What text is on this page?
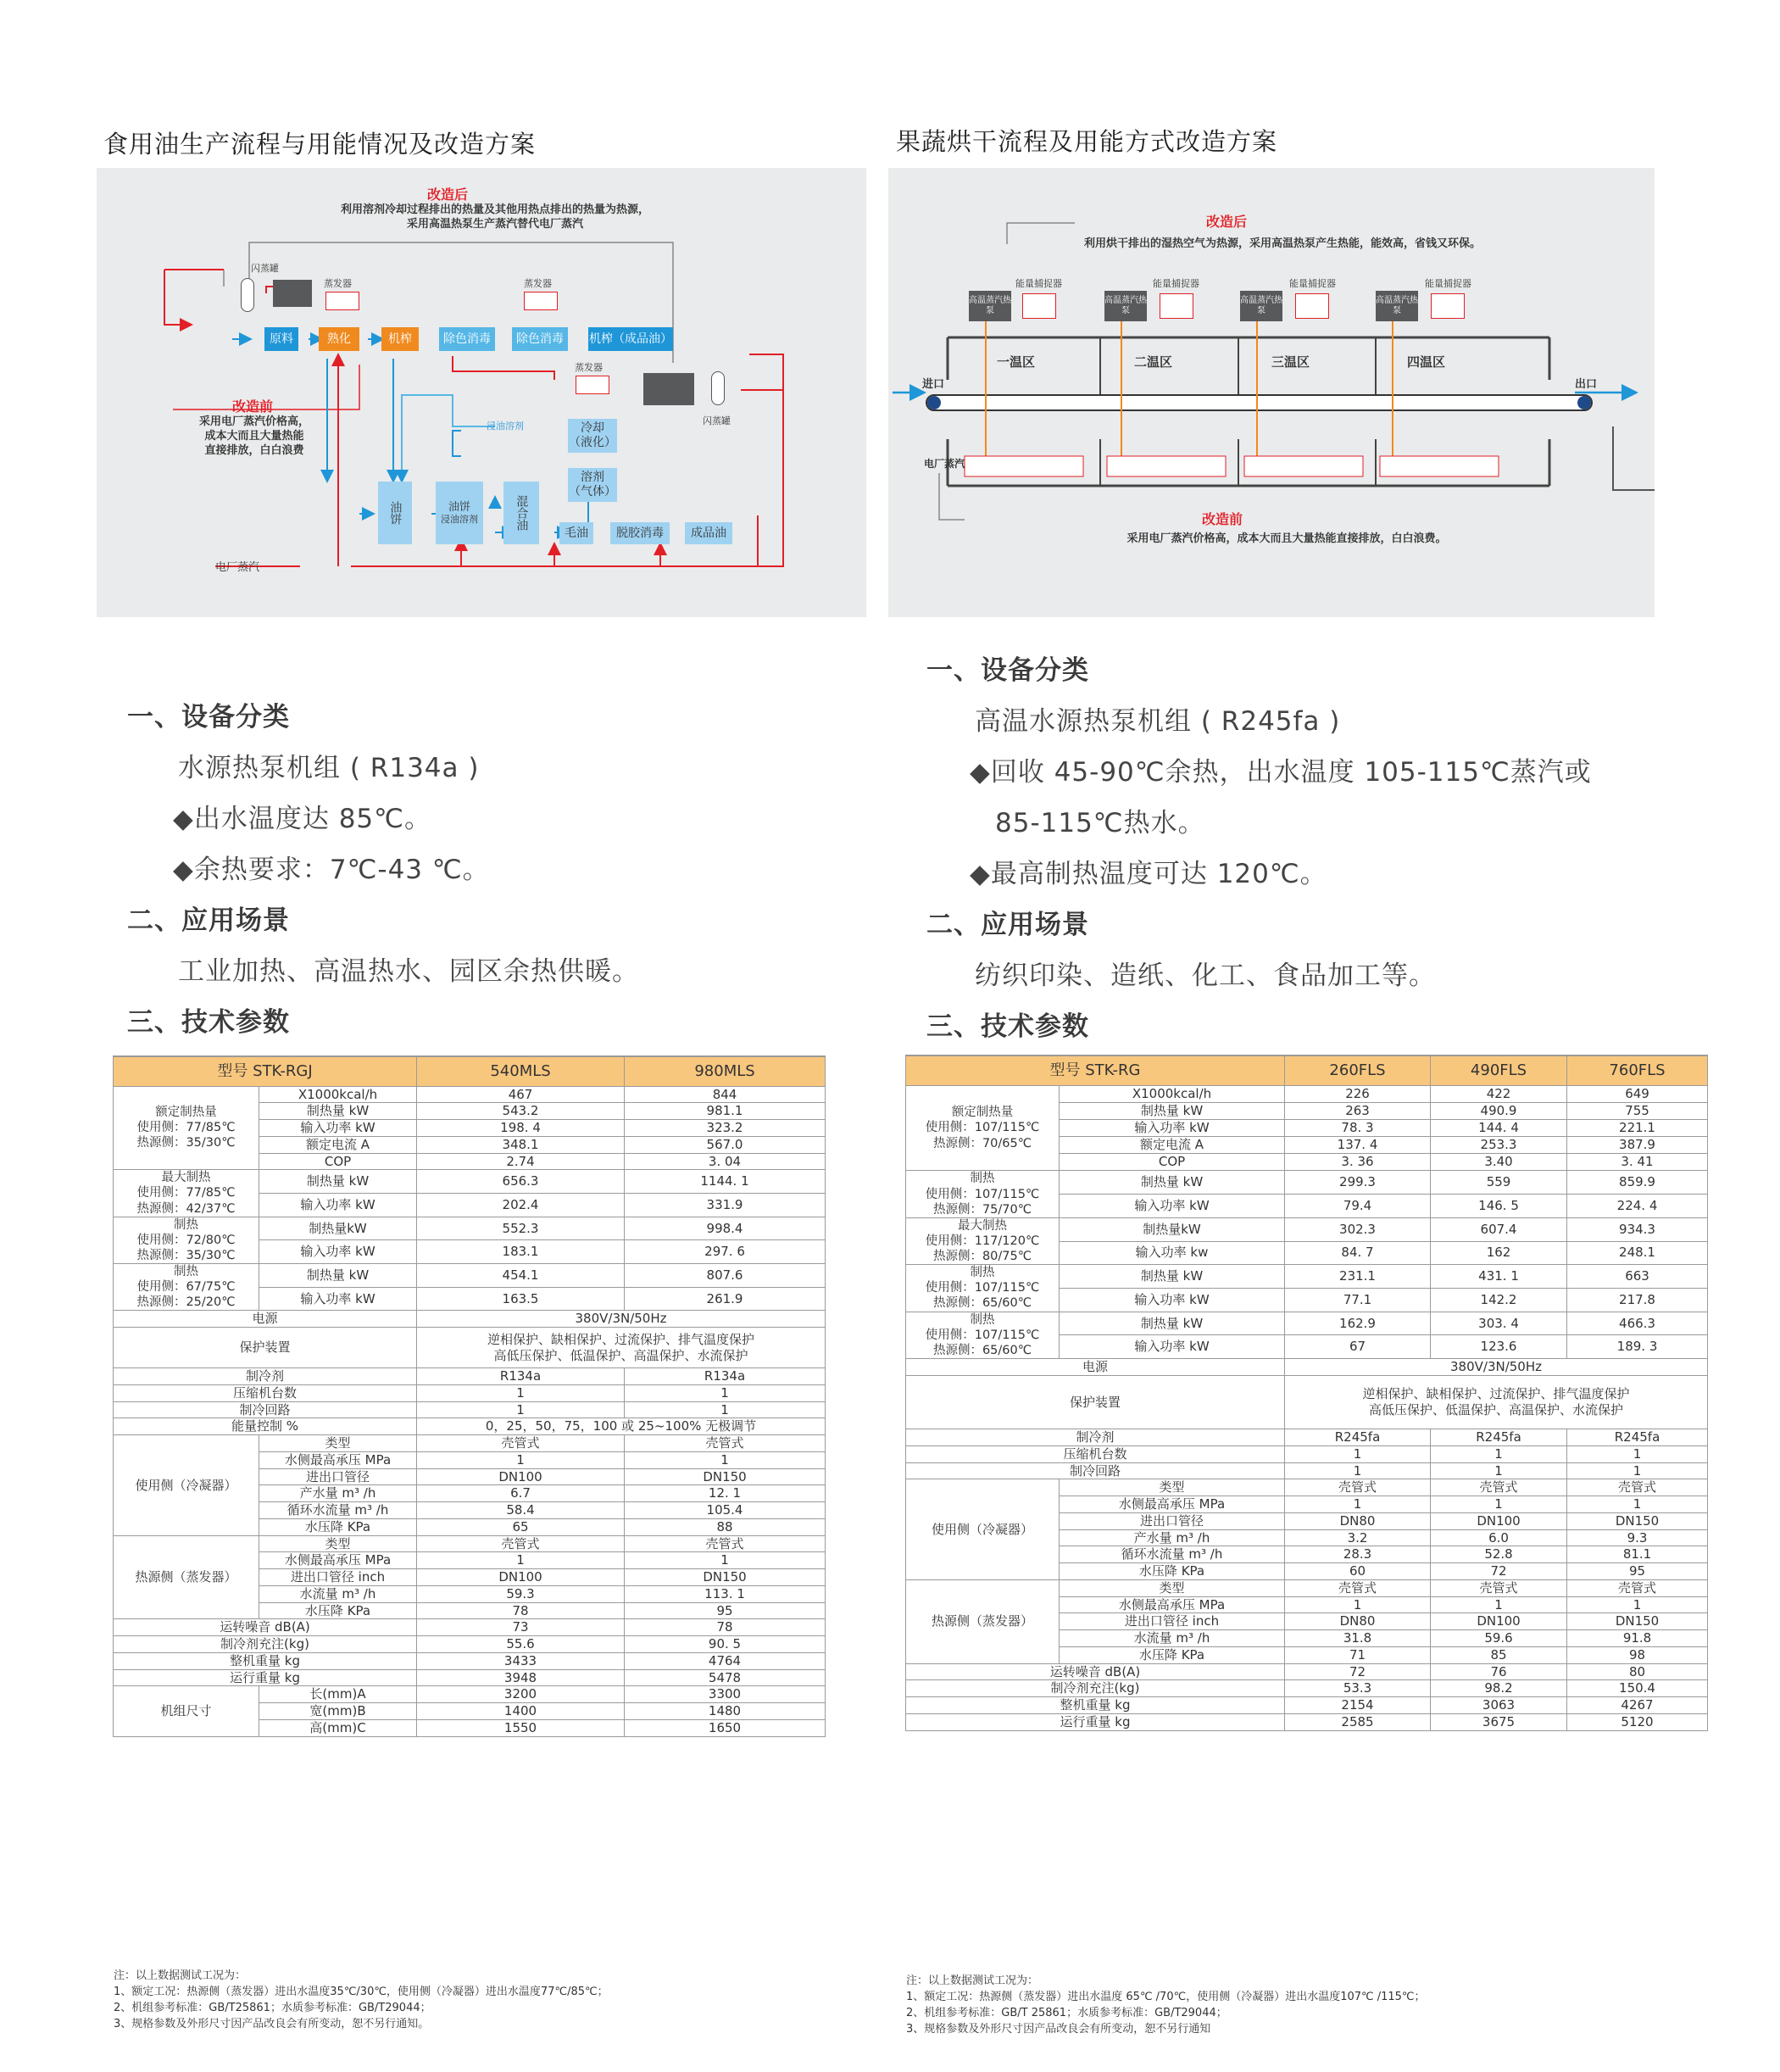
食用油生产流程与用能情况及改造方案
改造后
利用溶剂冷却过程排出的热量及其他用热点排出的热量为热源，
采用高温热泵生产蒸汽替代电厂蒸汽
闪蒸罐
蒸发器	蒸发器
蒸发器
闪蒸罐
原料	熟化	机榨	除色消毒	除色消毒	机榨（成品油）
改造前
采用电厂蒸汽价格高，
成本大而且大量热能
直接排放，白白浪费
浸油溶剂	冷却
（液化）
溶剂
（气体）
油饼	油饼
浸油溶剂	混合油
毛油	脱胶消毒	成品油
电厂蒸汽
一、设备分类
水源热泵机组 ( R134a )
◆出水温度达 85℃。
◆余热要求：7℃-43 ℃。
二、应用场景
工业加热、高温热水、园区余热供暖。
三、技术参数
型号 STK-RGJ		540MLS	980MLS
额定制热量
使用侧：77/85℃
热源侧：35/30℃	X1000kcal/h	467	844
	制热量 kW	543.2	981.1
	输入功率 kW	198. 4	323.2
	额定电流 A	348.1	567.0
	COP	2.74	3. 04
最大制热
使用侧：77/85℃
热源侧：42/37℃	制热量 kW	656.3	1144. 1
	输入功率 kW	202.4	331.9
制热
使用侧：72/80℃
热源侧：35/30℃	制热量kW	552.3	998.4
	输入功率 kW	183.1	297. 6
制热
使用侧：67/75℃
热源侧：25/20℃	制热量 kW	454.1	807.6
	输入功率 kW	163.5	261.9
电源		380V/3N/50Hz	
保护装置		逆相保护、缺相保护、过流保护、排气温度保护
高低压保护、低温保护、高温保护、水流保护	
制冷剂		R134a	R134a
压缩机台数		1	1
制冷回路		1	1
能量控制 %		0，25，50，75，100 或 25~100% 无极调节	
使用侧（冷凝器）	类型	壳管式	壳管式
	水侧最高承压 MPa	1	1
	进出口管径	DN100	DN150
	产水量 m³ /h	6.7	12. 1
	循环水流量 m³ /h	58.4	105.4
	水压降 KPa	65	88
热源侧（蒸发器）	类型	壳管式	壳管式
	水侧最高承压 MPa	1	1
	进出口管径 inch	DN100	DN150
	水流量 m³ /h	59.3	113. 1
	水压降 KPa	78	95
运转噪音 dB(A)		73	78
制冷剂充注(kg)		55.6	90. 5
整机重量 kg		3433	4764
运行重量 kg		3948	5478
机组尺寸	长(mm)A	3200	3300
	宽(mm)B	1400	1480
	高(mm)C	1550	1650
注：以上数据测试工况为：
1、额定工况：热源侧（蒸发器）进出水温度35℃/30℃，使用侧（冷凝器）进出水温度77℃/85℃；
2、机组参考标准：GB/T25861；水质参考标准：GB/T29044；
3、规格参数及外形尺寸因产品改良会有所变动，恕不另行通知。
果蔬烘干流程及用能方式改造方案
改造后
利用烘干排出的湿热空气为热源，采用高温热泵产生热能，能效高，省钱又环保。
高温蒸汽热泵
高温蒸汽热泵
高温蒸汽热泵
高温蒸汽热泵
能量捕捉器	能量捕捉器	能量捕捉器	能量捕捉器
一温区	二温区	三温区	四温区
进口	出口
电厂蒸汽
改造前
采用电厂蒸汽价格高，成本大而且大量热能直接排放，白白浪费。
一、设备分类
高温水源热泵机组 ( R245fa )
◆回收 45-90℃余热，出水温度 105-115℃蒸汽或
85-115℃热水。
◆最高制热温度可达 120℃。
二、应用场景
纺织印染、造纸、化工、食品加工等。
三、技术参数
型号 STK-RG		260FLS	490FLS	760FLS
额定制热量
使用侧：107/115℃
热源侧：70/65℃	X1000kcal/h	226	422	649
	制热量 kW	263	490.9	755
	输入功率 kW	78. 3	144. 4	221.1
	额定电流 A	137. 4	253.3	387.9
	COP	3. 36	3.40	3. 41
制热
使用侧：107/115℃
热源侧：75/70℃	制热量 kW	299.3	559	859.9
	输入功率 kW	79.4	146. 5	224. 4
最大制热
使用侧：117/120℃
热源侧：80/75℃	制热量kW	302.3	607.4	934.3
	输入功率 kw	84. 7	162	248.1
制热
使用侧：107/115℃
热源侧：65/60℃	制热量 kW	231.1	431. 1	663
	输入功率 kW	77.1	142.2	217.8
制热
使用侧：107/115℃
热源侧：65/60℃	制热量 kW	162.9	303. 4	466.3
	输入功率 kW	67	123.6	189. 3
电源		380V/3N/50Hz		
保护装置		逆相保护、缺相保护、过流保护、排气温度保护
高低压保护、低温保护、高温保护、水流保护		
制冷剂		R245fa	R245fa	R245fa
压缩机台数		1	1	1
制冷回路		1	1	1
使用侧（冷凝器）	类型	壳管式	壳管式	壳管式
	水侧最高承压 MPa	1	1	1
	进出口管径	DN80	DN100	DN150
	产水量 m³ /h	3.2	6.0	9.3
	循环水流量 m³ /h	28.3	52.8	81.1
	水压降 KPa	60	72	95
热源侧（蒸发器）	类型	壳管式	壳管式	壳管式
	水侧最高承压 MPa	1	1	1
	进出口管径 inch	DN80	DN100	DN150
	水流量 m³ /h	31.8	59.6	91.8
	水压降 KPa	71	85	98
运转噪音 dB(A)		72	76	80
制冷剂充注(kg)		53.3	98.2	150.4
整机重量 kg		2154	3063	4267
运行重量 kg		2585	3675	5120
注：以上数据测试工况为：
1、额定工况：热源侧（蒸发器）进出水温度 65℃ /70℃，使用侧（冷凝器）进出水温度107℃ /115℃；
2、机组参考标准：GB/T 25861；水质参考标准：GB/T29044；
3、规格参数及外形尺寸因产品改良会有所变动，恕不另行通知
